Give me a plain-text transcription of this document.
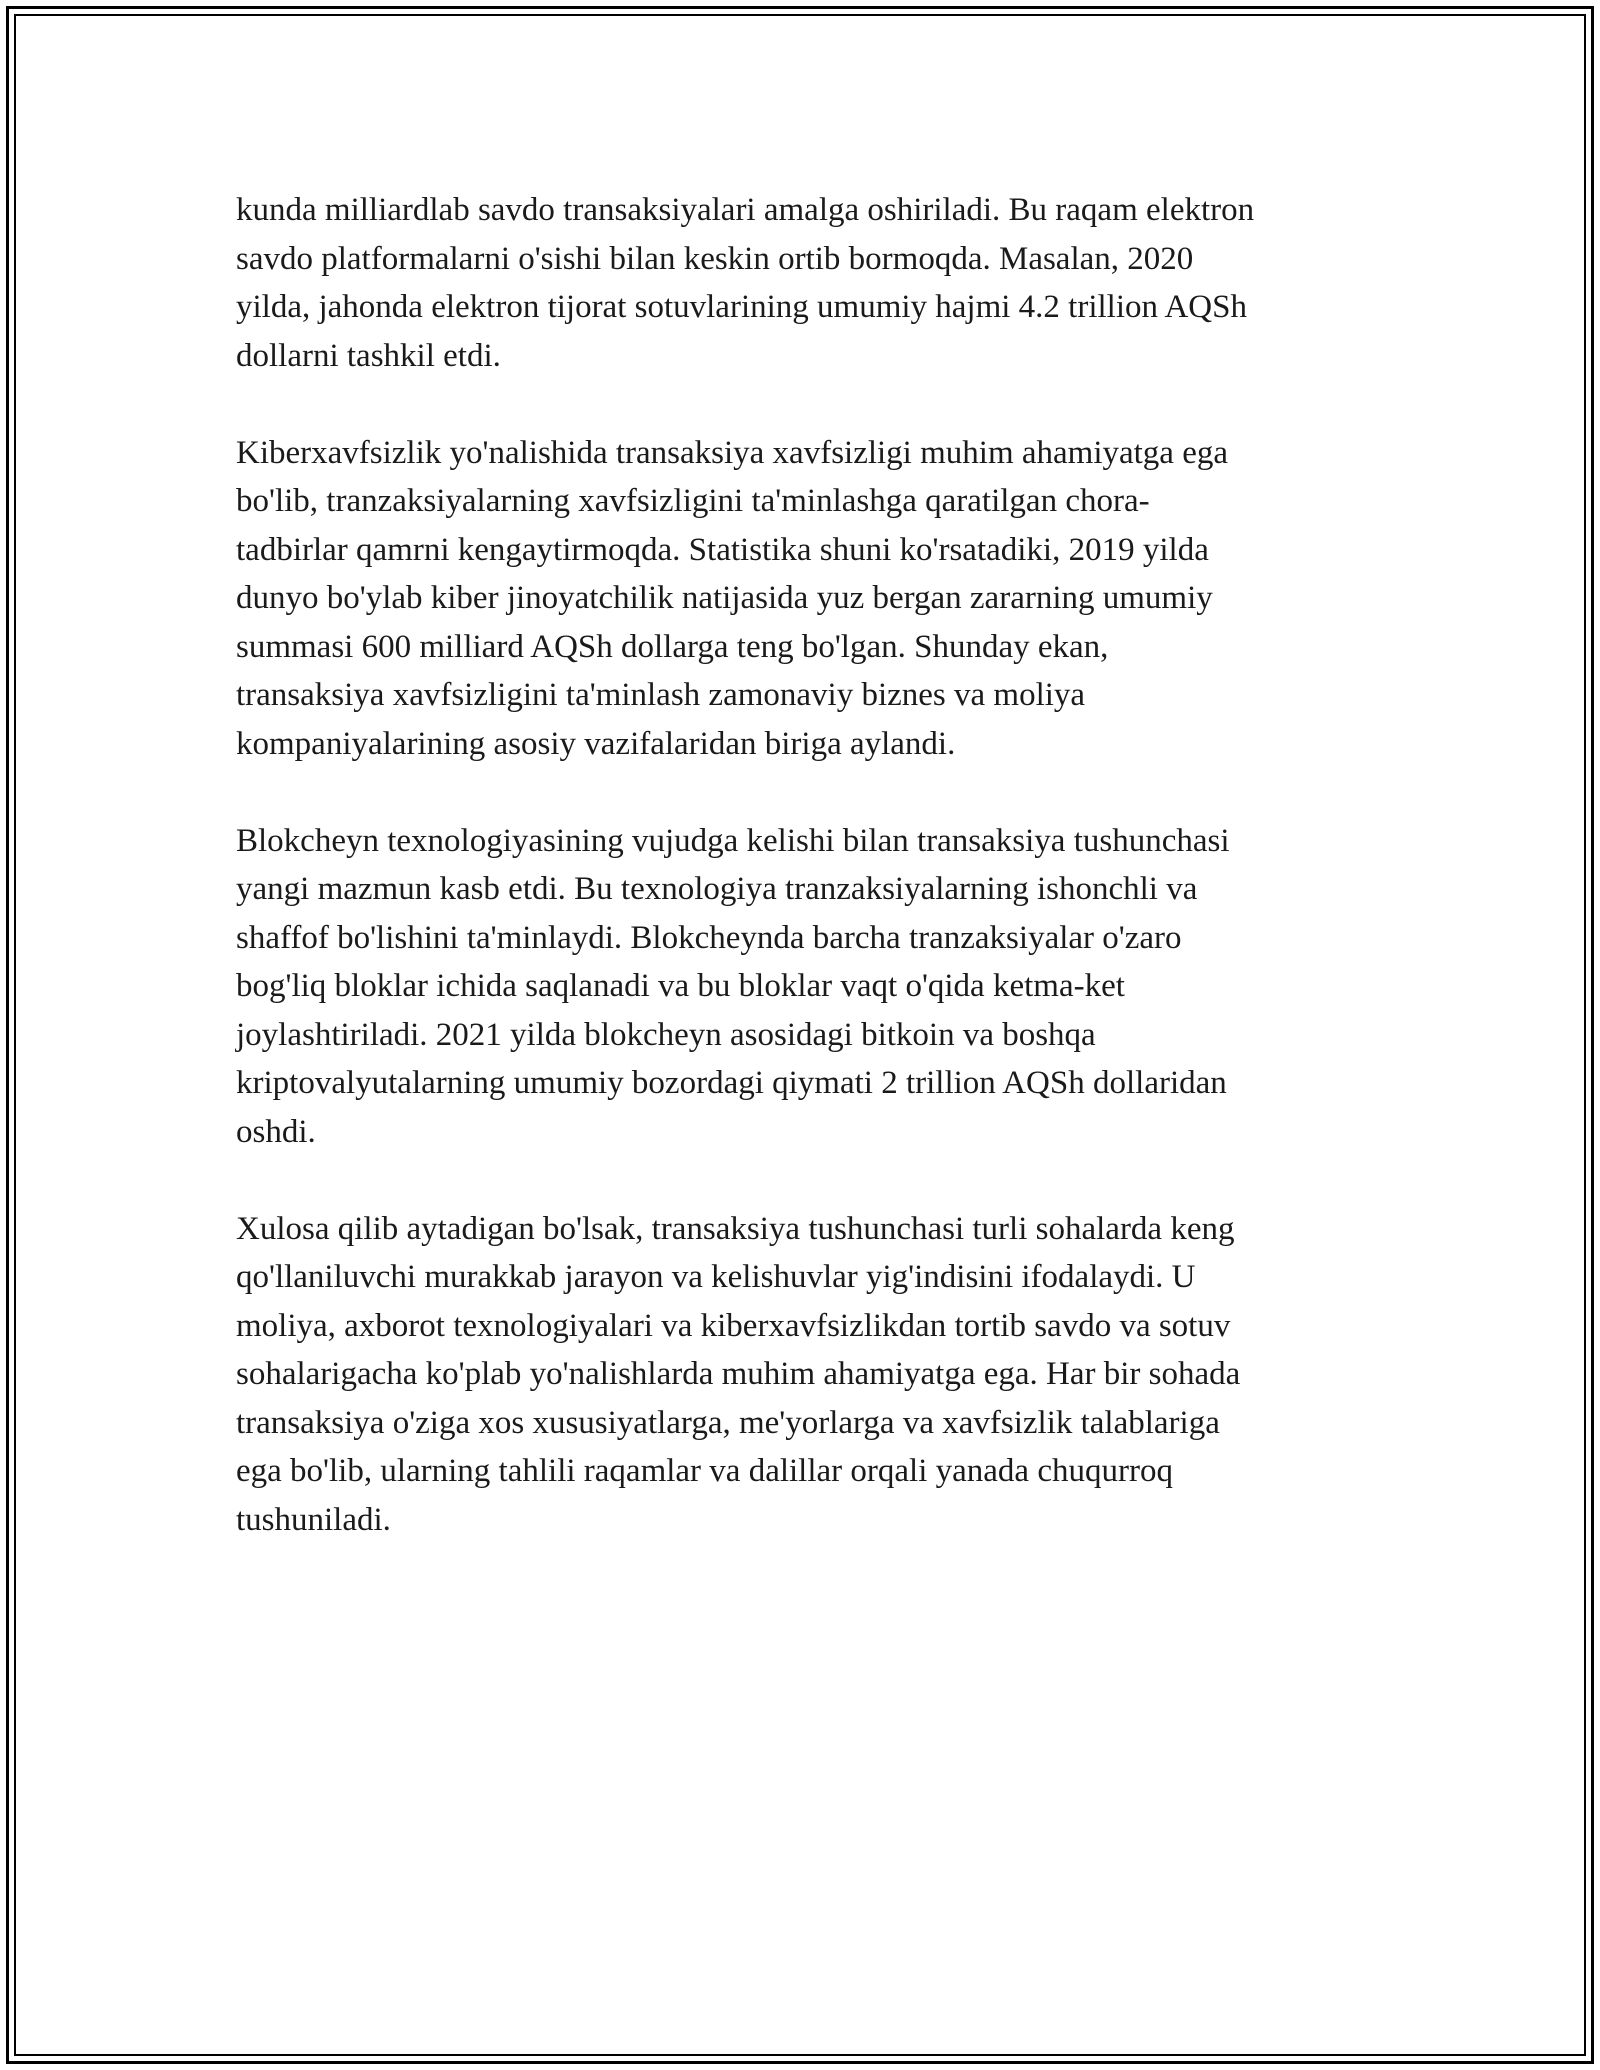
kunda milliardlab savdo transaksiyalari amalga oshiriladi. Bu raqam elektron
savdo platformalarni o'sishi bilan keskin ortib bormoqda. Masalan, 2020
yilda, jahonda elektron tijorat sotuvlarining umumiy hajmi 4.2 trillion AQSh
dollarni tashkil etdi.

Kiberxavfsizlik yo'nalishida transaksiya xavfsizligi muhim ahamiyatga ega
bo'lib, tranzaksiyalarning xavfsizligini ta'minlashga qaratilgan chora-
tadbirlar qamrni kengaytirmoqda. Statistika shuni ko'rsatadiki, 2019 yilda
dunyo bo'ylab kiber jinoyatchilik natijasida yuz bergan zararning umumiy
summasi 600 milliard AQSh dollarga teng bo'lgan. Shunday ekan,
transaksiya xavfsizligini ta'minlash zamonaviy biznes va moliya
kompaniyalarining asosiy vazifalaridan biriga aylandi.

Blokcheyn texnologiyasining vujudga kelishi bilan transaksiya tushunchasi
yangi mazmun kasb etdi. Bu texnologiya tranzaksiyalarning ishonchli va
shaffof bo'lishini ta'minlaydi. Blokcheynda barcha tranzaksiyalar o'zaro
bog'liq bloklar ichida saqlanadi va bu bloklar vaqt o'qida ketma-ket
joylashtiriladi. 2021 yilda blokcheyn asosidagi bitkoin va boshqa
kriptovalyutalarning umumiy bozordagi qiymati 2 trillion AQSh dollaridan
oshdi.

Xulosa qilib aytadigan bo'lsak, transaksiya tushunchasi turli sohalarda keng
qo'llaniluvchi murakkab jarayon va kelishuvlar yig'indisini ifodalaydi. U
moliya, axborot texnologiyalari va kiberxavfsizlikdan tortib savdo va sotuv
sohalarigacha ko'plab yo'nalishlarda muhim ahamiyatga ega. Har bir sohada
transaksiya o'ziga xos xususiyatlarga, me'yorlarga va xavfsizlik talablariga
ega bo'lib, ularning tahlili raqamlar va dalillar orqali yanada chuqurroq
tushuniladi.
